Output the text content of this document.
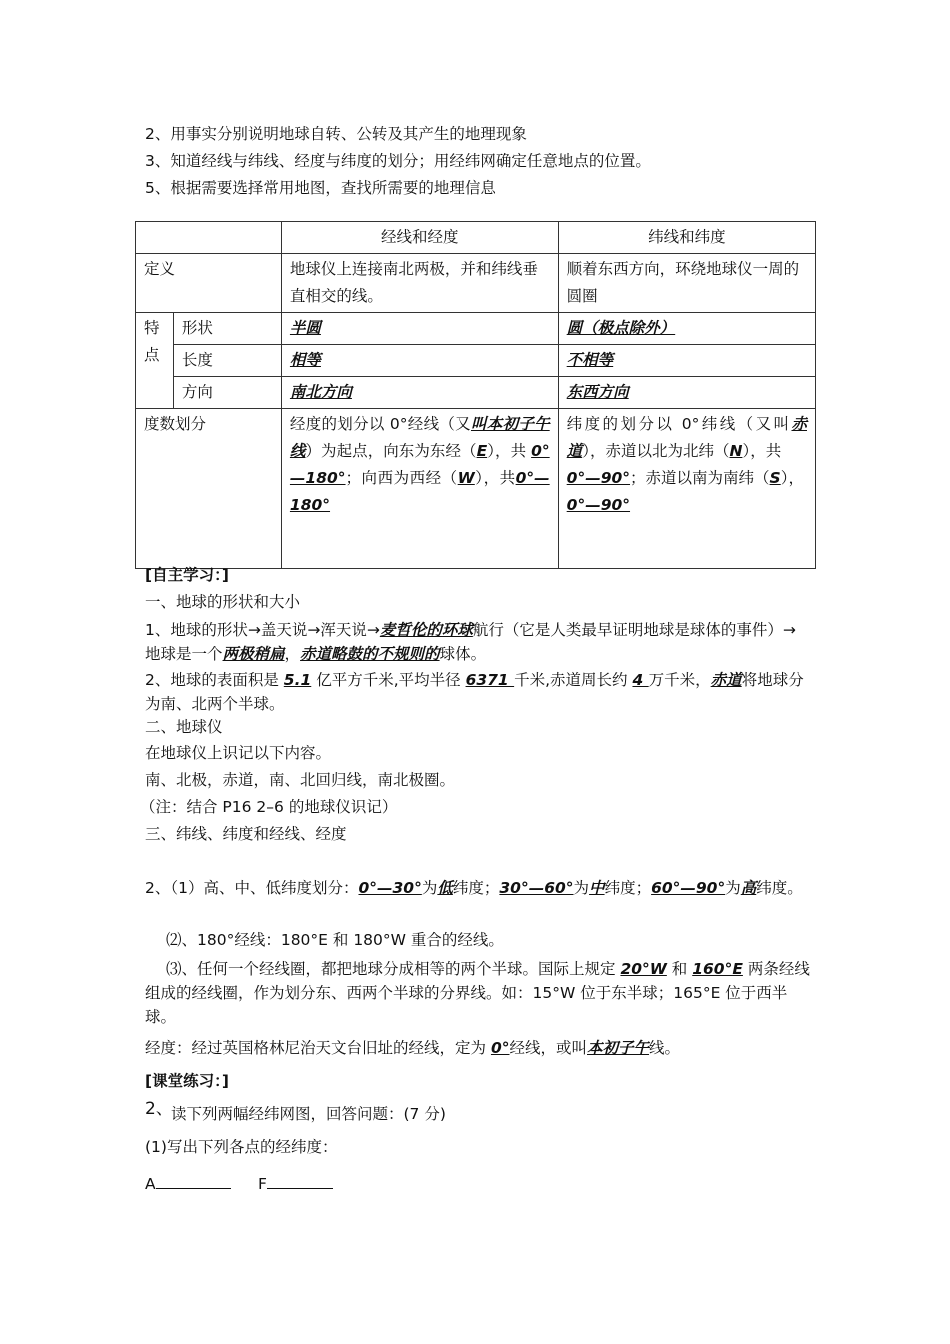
2、用事实分别说明地球自转、公转及其产生的地理现象
3、知道经线与纬线、经度与纬度的划分；用经纬网确定任意地点的位置。
5、根据需要选择常用地图，查找所需要的地理信息
		经线和经度	纬线和纬度
定义		地球仪上连接南北两极，并和纬线垂直相交的线。	顺着东西方向，环绕地球仪一周的圆圈
特点	形状	半圆	圆（极点除外）
	长度	相等	不相等
	方向	南北方向	东西方向
度数划分		经度的划分以 0°经线（又叫本初子午线）为起点，向东为东经（E），共 0°—180°；向西为西经（W），共0°—180°	纬度的划分以 0°纬线（又叫赤道），赤道以北为北纬（N），共
0°—90°；赤道以南为南纬（S），
0°—90°
[自主学习：]
一、地球的形状和大小
1、地球的形状→盖天说→浑天说→麦哲伦的环球航行（它是人类最早证明地球是球体的事件）→地球是一个两极稍扁，赤道略鼓的不规则的球体。
2、地球的表面积是 5.1 亿平方千米,平均半径 6371 千米,赤道周长约 4 万千米，赤道将地球分为南、北两个半球。
二、地球仪
在地球仪上识记以下内容。
南、北极，赤道，南、北回归线，南北极圈。
（注：结合 P16 2–6 的地球仪识记）
三、纬线、纬度和经线、经度
2、（1）高、中、低纬度划分：0°—30°为低纬度；30°—60°为中纬度；60°—90°为高纬度。
⑵、180°经线：180°E 和 180°W 重合的经线。
⑶、任何一个经线圈，都把地球分成相等的两个半球。国际上规定 20°W 和 160°E 两条经线组成的经线圈，作为划分东、西两个半球的分界线。如：15°W 位于东半球；165°E 位于西半球。
经度：经过英国格林尼治天文台旧址的经线，定为 0°经线，或叫本初子午线。
[课堂练习：]
2、
读下列两幅经纬网图，回答问题：(7 分)
(1)写出下列各点的经纬度：
A	F
